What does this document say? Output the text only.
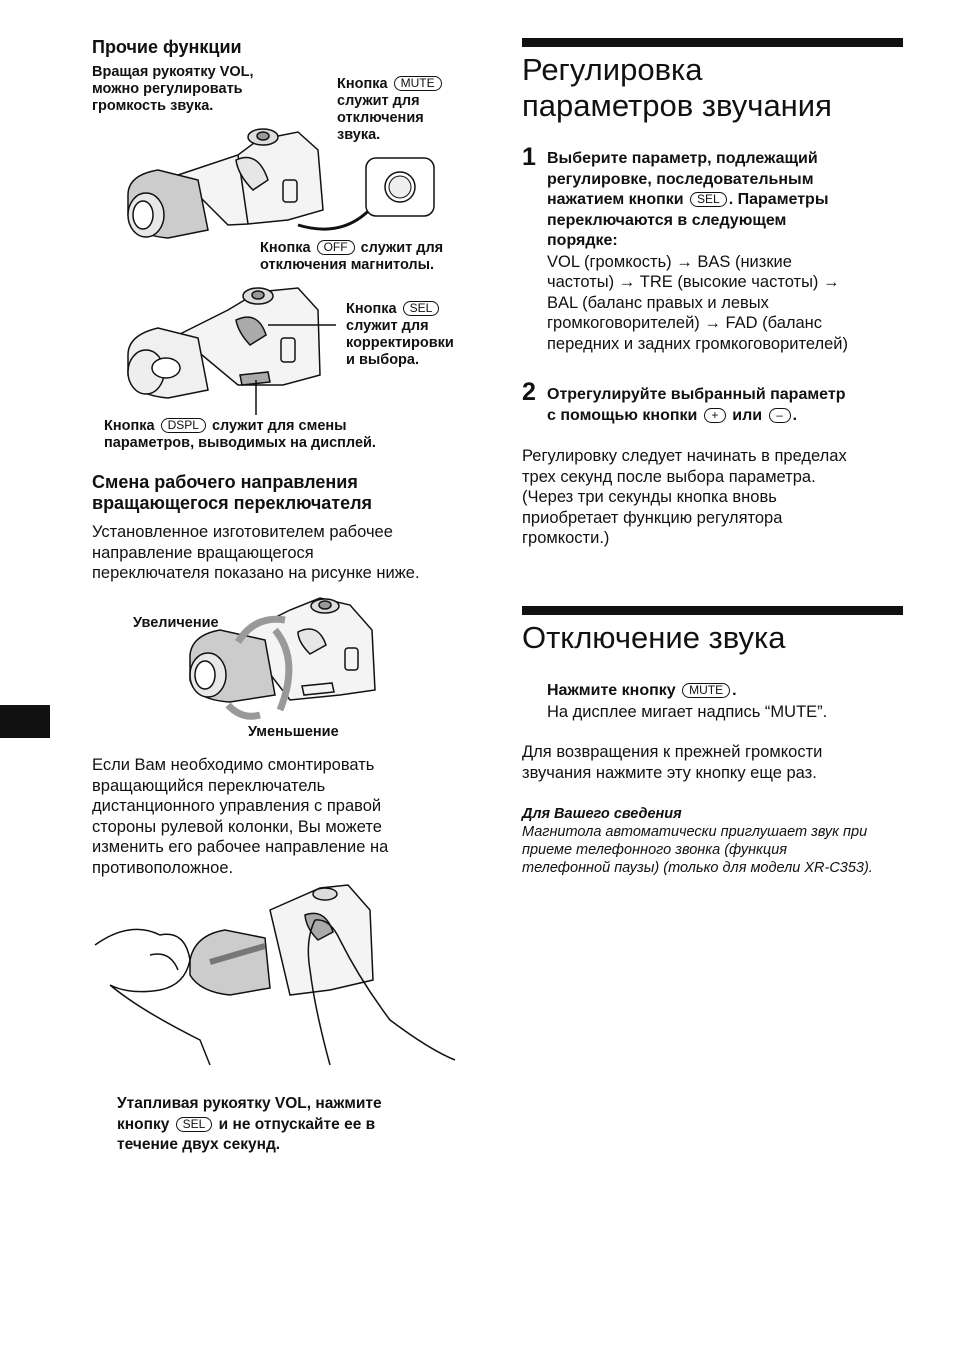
Прочие функции
Вращая рукоятку VOL,
можно регулировать
громкость звука.
Кнопка MUTE
служит для
отключения
звука.
Кнопка OFF служит для
отключения магнитолы.
Кнопка SEL
служит для
корректировки
и выбора.
Кнопка DSPL служит для смены
параметров, выводимых на дисплей.
Смена рабочего направления
вращающегося переключателя
Установленное изготовителем рабочее
направление вращающегося
переключателя показано на рисунке ниже.
Увеличение
Уменьшение
Если Вам необходимо смонтировать
вращающийся переключатель
дистанционного управления с правой
стороны рулевой колонки, Вы можете
изменить его рабочее направление на
противоположное.
Утапливая рукоятку VOL, нажмите
кнопку SEL и не отпускайте ее в
течение двух секунд.
Регулировка
параметров звучания
1 Выберите параметр, подлежащий
регулировке, последовательным
нажатием кнопки SEL . Параметры
переключаются в следующем
порядке:
VOL (громкость) → BAS (низкие
частоты) → TRE (высокие частоты) →
BAL (баланс правых и левых
громкоговорителей) → FAD (баланс
передних и задних громкоговорителей)
2 Отрегулируйте выбранный параметр
с помощью кнопки + или – .
Регулировку следует начинать в пределах
трех секунд после выбора параметра.
(Через три секунды кнопка вновь
приобретает функцию регулятора
громкости.)
Отключение звука
Нажмите кнопку MUTE .
На дисплее мигает надпись “MUTE”.
Для возвращения к прежней громкости
звучания нажмите эту кнопку еще раз.
Для Вашего сведения
Магнитола автоматически приглушает звук при
приеме телефонного звонка (функция
телефонной паузы) (только для модели XR-C353).
